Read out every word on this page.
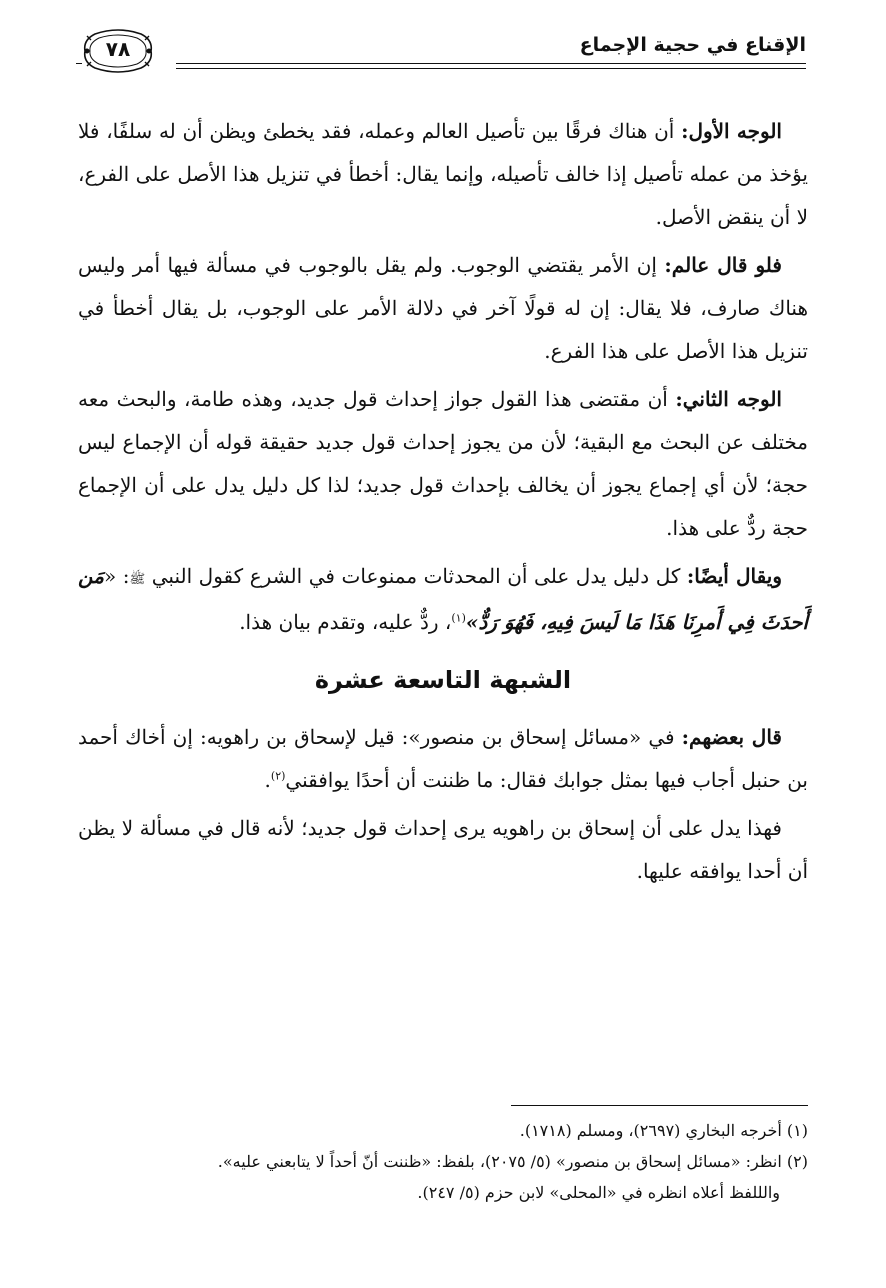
الإقناع في حجية الإجماع
٧٨

الوجه الأول: أن هناك فرقًا بين تأصيل العالم وعمله، فقد يخطئ ويظن أن له سلفًا، فلا يؤخذ من عمله تأصيل إذا خالف تأصيله، وإنما يقال: أخطأ في تنزيل هذا الأصل على الفرع، لا أن ينقض الأصل.

فلو قال عالم: إن الأمر يقتضي الوجوب. ولم يقل بالوجوب في مسألة فيها أمر وليس هناك صارف، فلا يقال: إن له قولًا آخر في دلالة الأمر على الوجوب، بل يقال أخطأ في تنزيل هذا الأصل على هذا الفرع.

الوجه الثاني: أن مقتضى هذا القول جواز إحداث قول جديد، وهذه طامة، والبحث معه مختلف عن البحث مع البقية؛ لأن من يجوز إحداث قول جديد حقيقة قوله أن الإجماع ليس حجة؛ لأن أي إجماع يجوز أن يخالف بإحداث قول جديد؛ لذا كل دليل يدل على أن الإجماع حجة ردٌّ على هذا.

ويقال أيضًا: كل دليل يدل على أن المحدثات ممنوعات في الشرع كقول النبي ﷺ: «مَن أَحدَثَ فِي أَمرِنَا هَذَا مَا لَيسَ فِيهِ، فَهُوَ رَدٌّ»$^{(١)}$، ردٌّ عليه، وتقدم بيان هذا.

الشبهة التاسعة عشرة

قال بعضهم: في «مسائل إسحاق بن منصور»: قيل لإسحاق بن راهويه: إن أخاك أحمد بن حنبل أجاب فيها بمثل جوابك فقال: ما ظننت أن أحدًا يوافقني$^{(٢)}$.

فهذا يدل على أن إسحاق بن راهويه يرى إحداث قول جديد؛ لأنه قال في مسألة لا يظن أن أحدا يوافقه عليها.

(١) أخرجه البخاري (٢٦٩٧)، ومسلم (١٧١٨).
(٢) انظر: «مسائل إسحاق بن منصور» (٥/ ٢٠٧٥)، بلفظ: «ظننت أنّ أحداً لا يتابعني عليه».
والللفظ أعلاه انظره في «المحلى» لابن حزم (٥/ ٢٤٧).
